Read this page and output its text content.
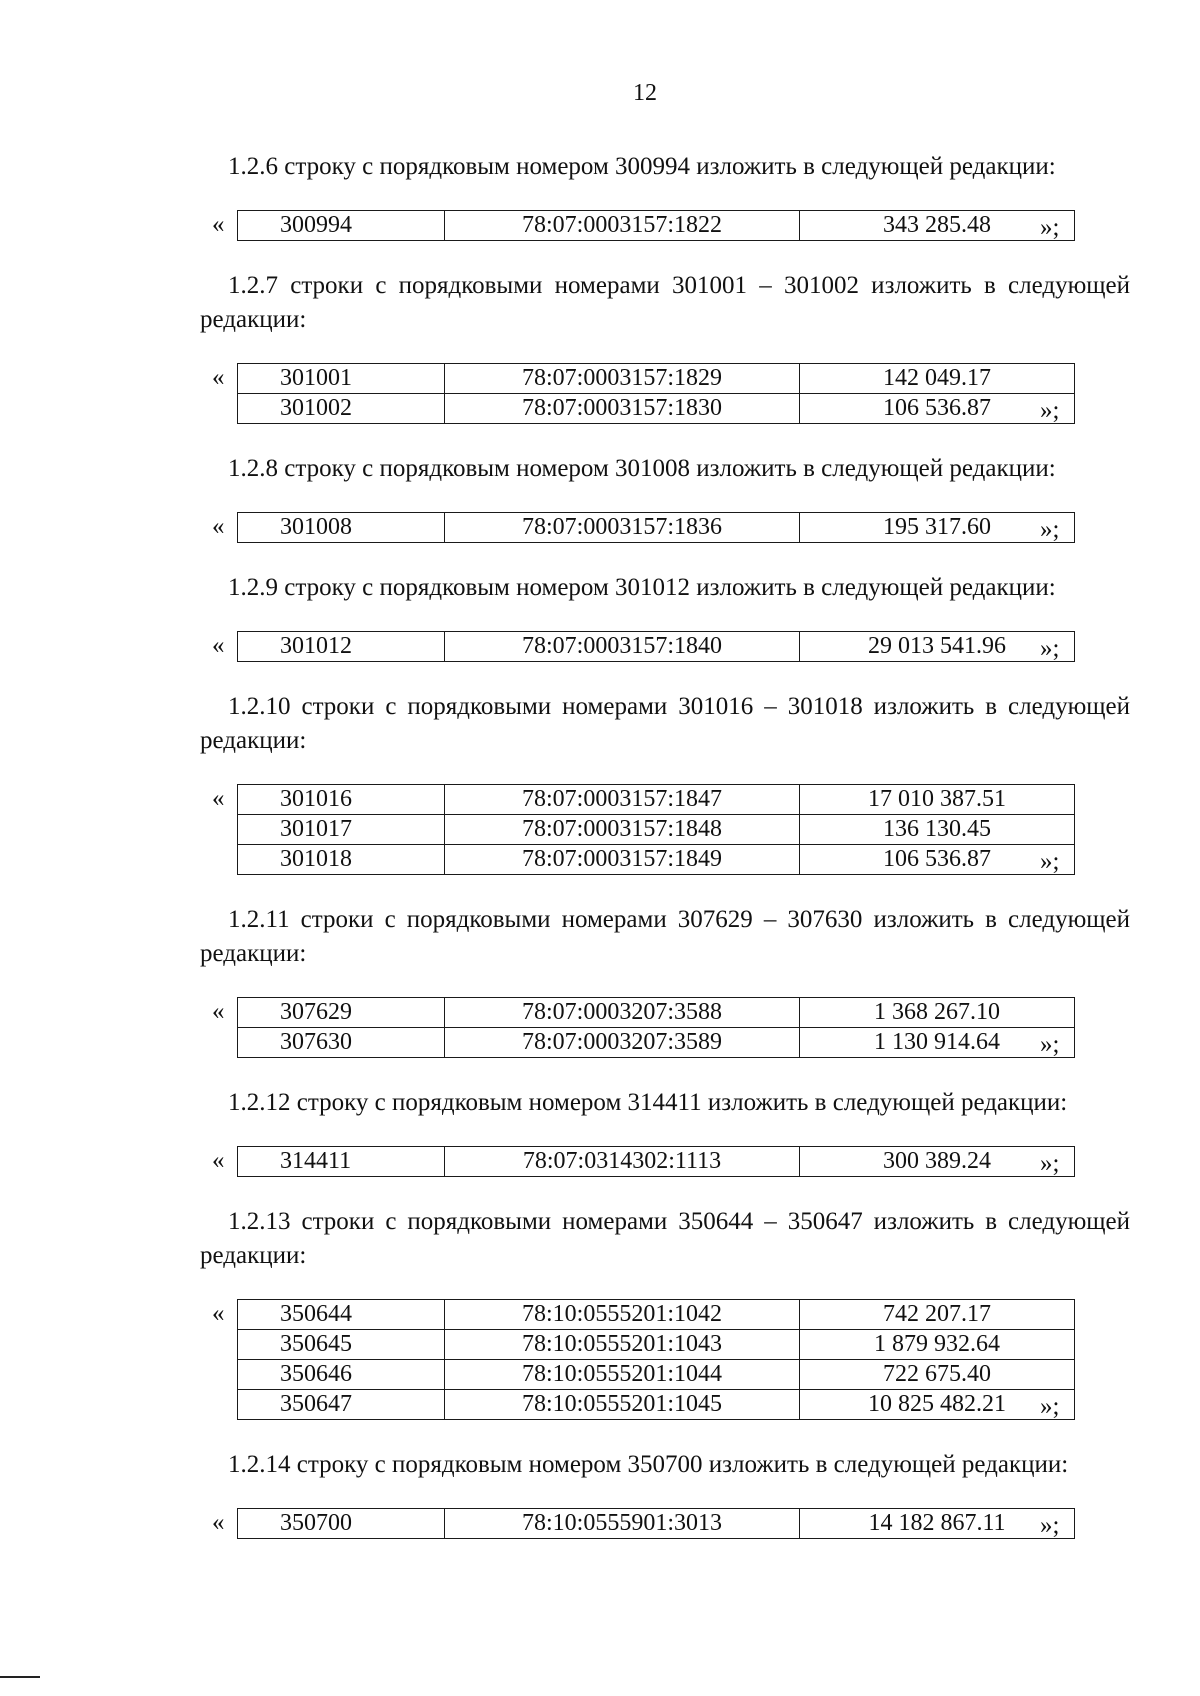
12

1.2.6 строку с порядковым номером 300994 изложить в следующей редакции:

« 300994	78:07:0003157:1822	343 285.48 »;

1.2.7 строки с порядковыми номерами 301001 – 301002 изложить в следующей редакции:

« 301001	78:07:0003157:1829	142 049.17
301002	78:07:0003157:1830	106 536.87 »;

1.2.8 строку с порядковым номером 301008 изложить в следующей редакции:

« 301008	78:07:0003157:1836	195 317.60 »;

1.2.9 строку с порядковым номером 301012 изложить в следующей редакции:

« 301012	78:07:0003157:1840	29 013 541.96 »;

1.2.10 строки с порядковыми номерами 301016 – 301018 изложить в следующей редакции:

« 301016	78:07:0003157:1847	17 010 387.51
301017	78:07:0003157:1848	136 130.45
301018	78:07:0003157:1849	106 536.87 »;

1.2.11 строки с порядковыми номерами 307629 – 307630 изложить в следующей редакции:

« 307629	78:07:0003207:3588	1 368 267.10
307630	78:07:0003207:3589	1 130 914.64 »;

1.2.12 строку с порядковым номером 314411 изложить в следующей редакции:

« 314411	78:07:0314302:1113	300 389.24 »;

1.2.13 строки с порядковыми номерами 350644 – 350647 изложить в следующей редакции:

« 350644	78:10:0555201:1042	742 207.17
350645	78:10:0555201:1043	1 879 932.64
350646	78:10:0555201:1044	722 675.40
350647	78:10:0555201:1045	10 825 482.21 »;

1.2.14 строку с порядковым номером 350700 изложить в следующей редакции:

« 350700	78:10:0555901:3013	14 182 867.11 »;
